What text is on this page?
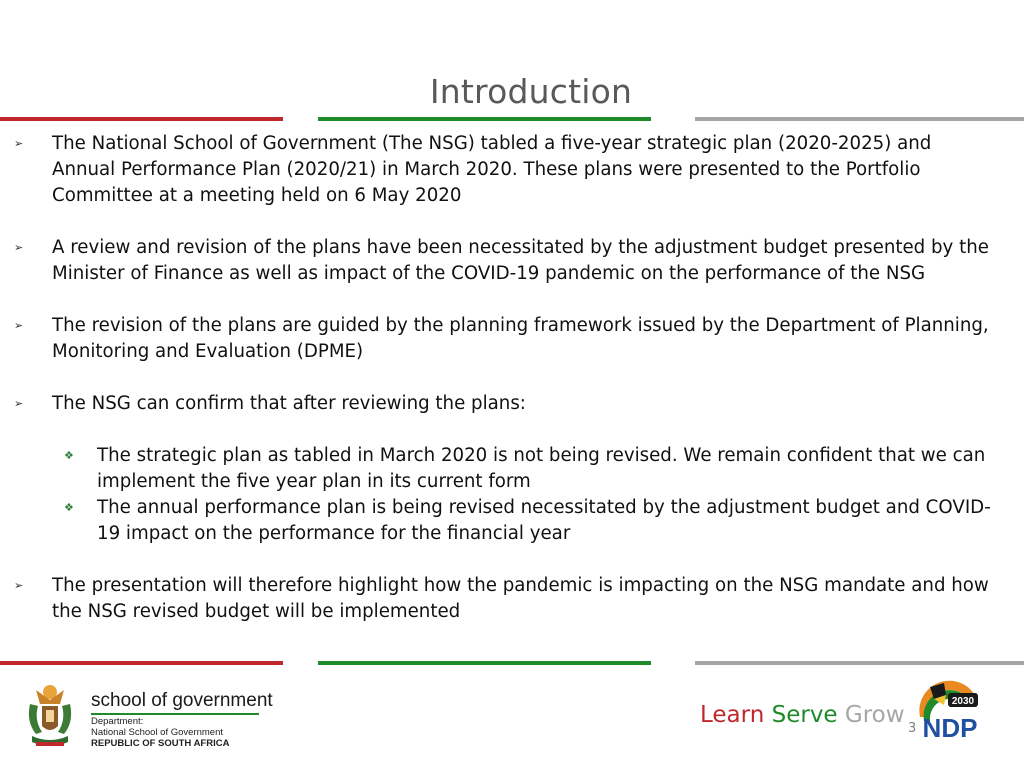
Introduction
➢ The National School of Government (The NSG) tabled a five-year strategic plan (2020-2025) and Annual Performance Plan (2020/21) in March 2020. These plans were presented to the Portfolio Committee at a meeting held on 6 May 2020
➢ A review and revision of the plans have been necessitated by the adjustment budget presented by the Minister of Finance as well as impact of the COVID-19 pandemic on the performance of the NSG
➢ The revision of the plans are guided by the planning framework issued by the Department of Planning, Monitoring and Evaluation (DPME)
➢ The NSG can confirm that after reviewing the plans:
❖ The strategic plan as tabled in March 2020 is not being revised. We remain confident that we can implement the five year plan in its current form
❖ The annual performance plan is being revised necessitated by the adjustment budget and COVID-19 impact on the performance for the financial year
➢ The presentation will therefore highlight how the pandemic is impacting on the NSG mandate and how the NSG revised budget will be implemented
school of government
Department:
National School of Government
REPUBLIC OF SOUTH AFRICA
Learn Serve Grow
3
2030
NDP
